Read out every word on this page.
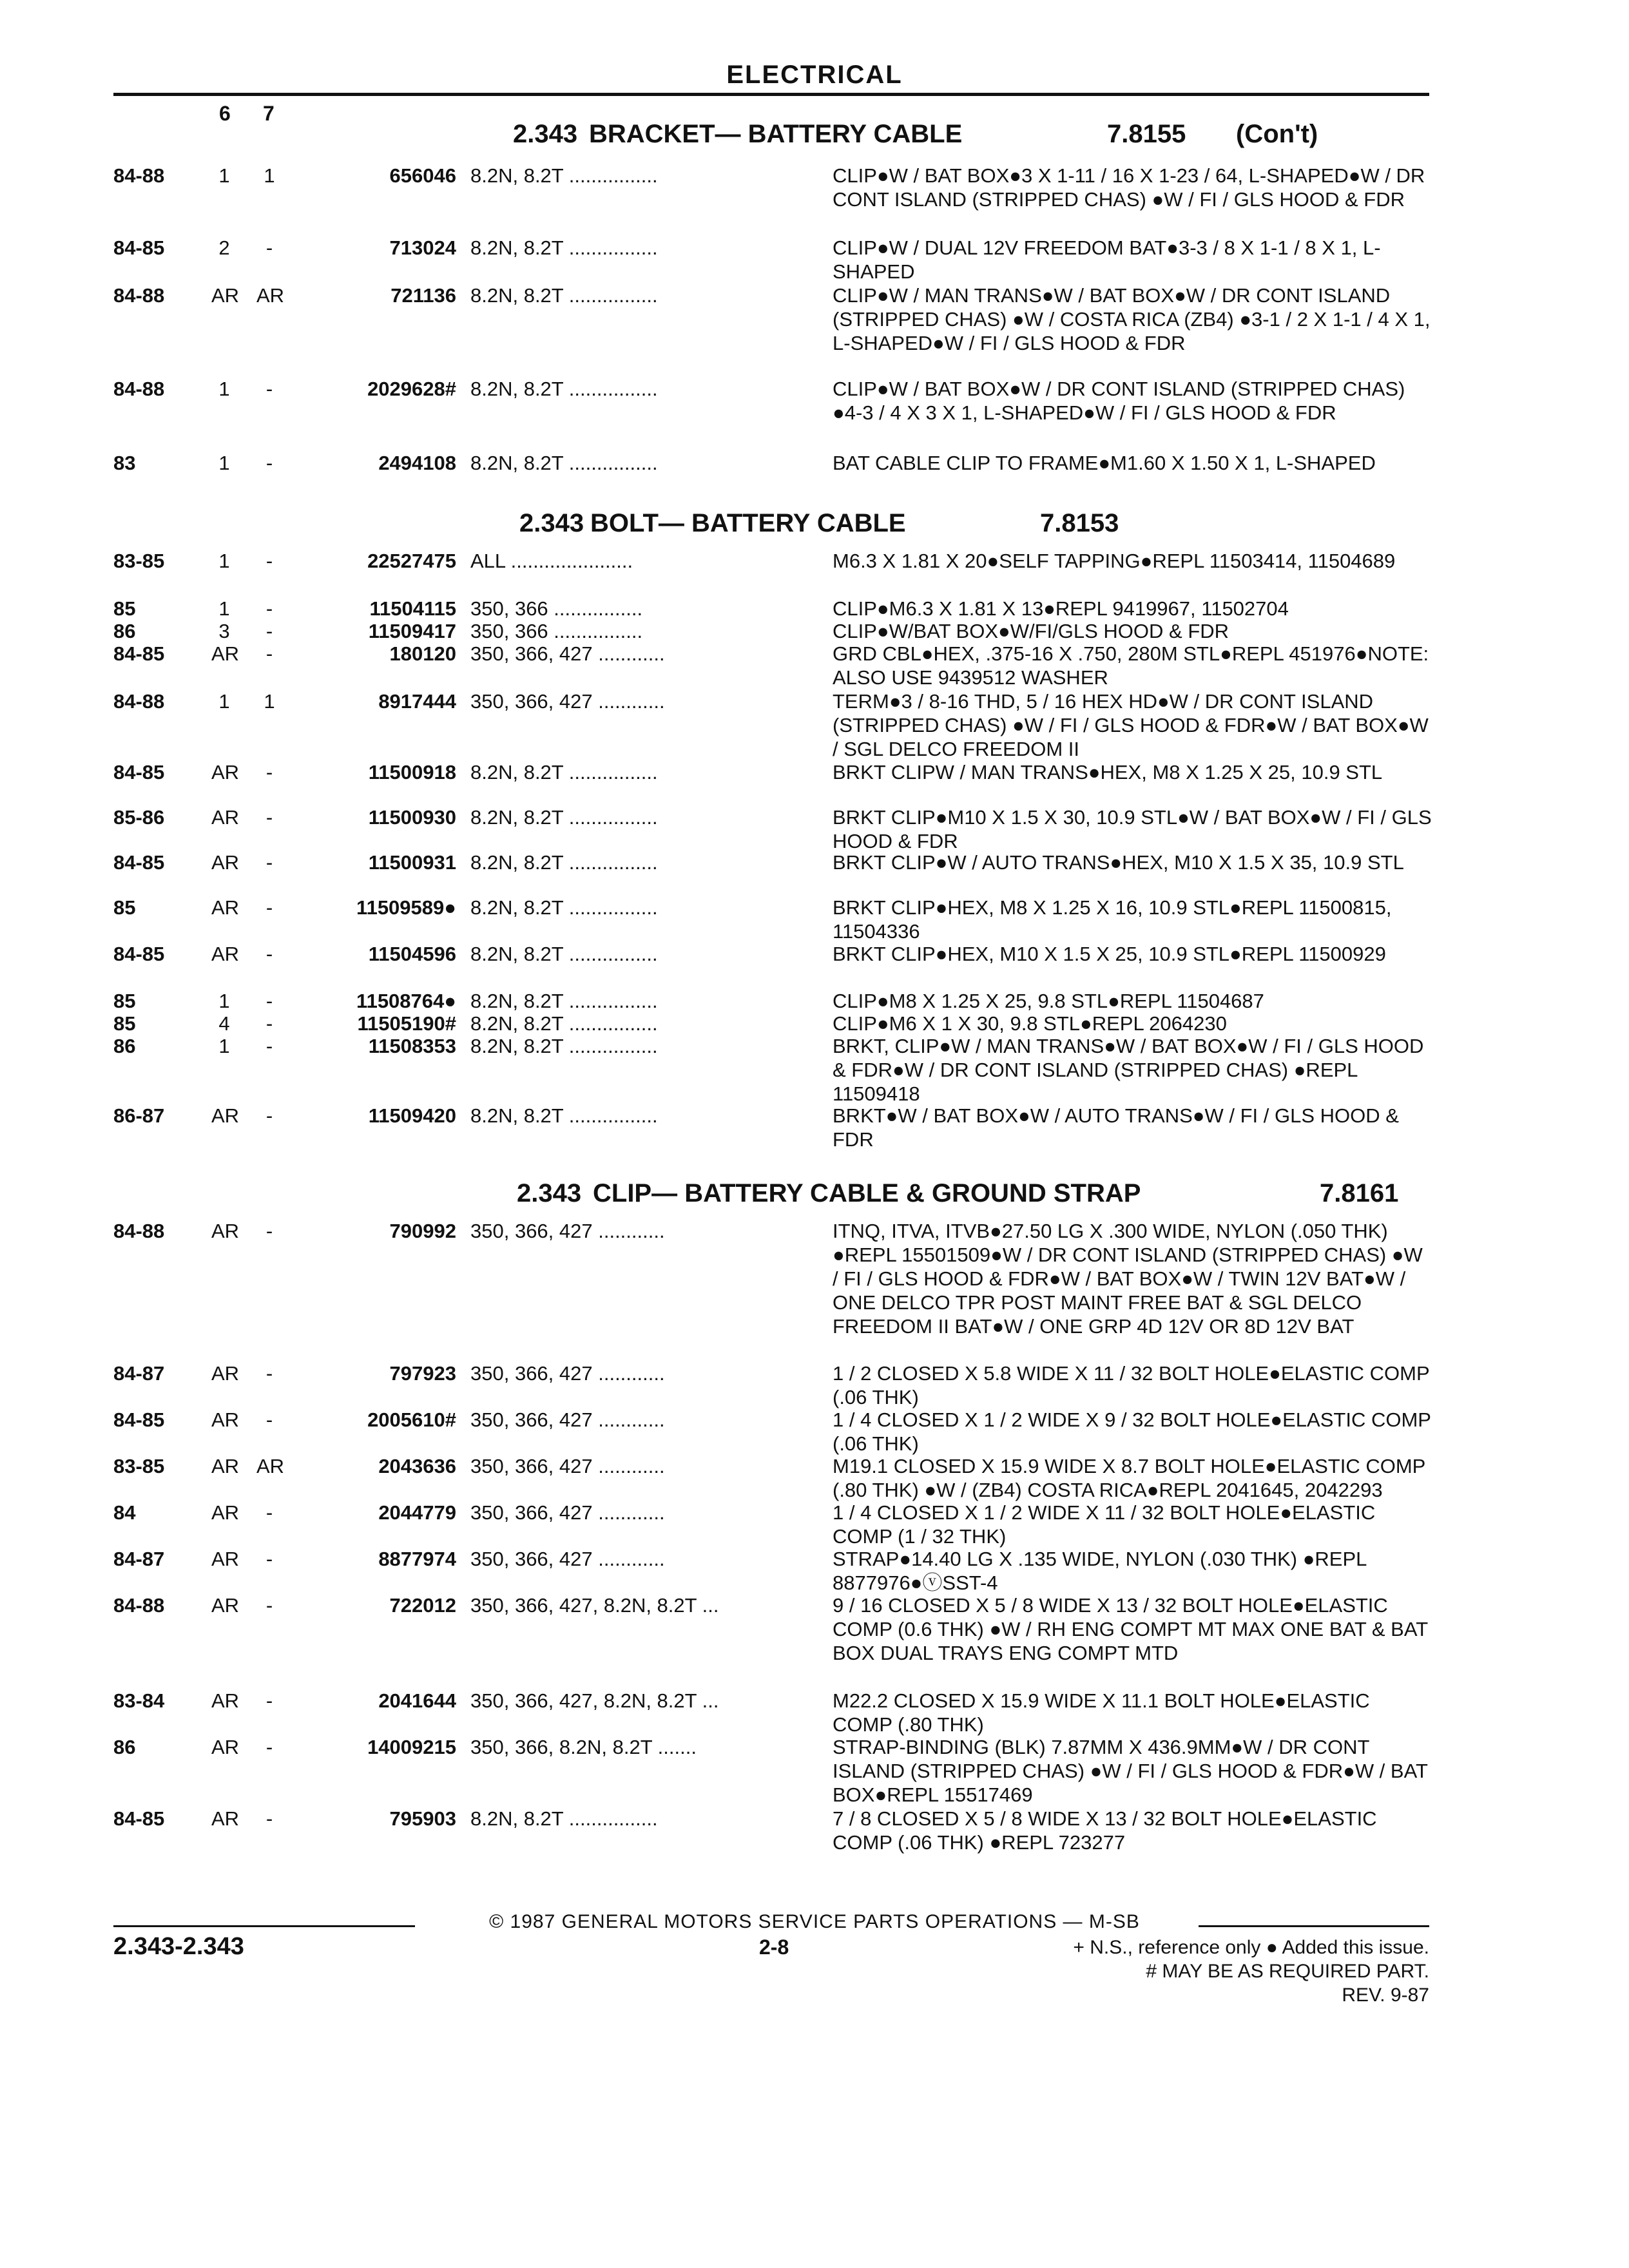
ELECTRICAL
6 7
2.343 BRACKET— BATTERY CABLE	7.8155 (Con't)
84-88	1	1	656046 8.2N, 8.2T ................	CLIP●W / BAT BOX●3 X 1-11 / 16 X 1-23 / 64, L-SHAPED●W / DR CONT ISLAND (STRIPPED CHAS) ●W / FI / GLS HOOD & FDR
84-85	2	-	713024 8.2N, 8.2T ................	CLIP●W / DUAL 12V FREEDOM BAT●3-3 / 8 X 1-1 / 8 X 1, L-SHAPED
84-88 AR AR	721136 8.2N, 8.2T ................	CLIP●W / MAN TRANS●W / BAT BOX●W / DR CONT ISLAND (STRIPPED CHAS) ●W / COSTA RICA (ZB4) ●3-1 / 2 X 1-1 / 4 X 1, L-SHAPED●W / FI / GLS HOOD & FDR
84-88	1	-	2029628# 8.2N, 8.2T ................	CLIP●W / BAT BOX●W / DR CONT ISLAND (STRIPPED CHAS) ●4-3 / 4 X 3 X 1, L-SHAPED●W / FI / GLS HOOD & FDR
83	1	-	2494108 8.2N, 8.2T ................	BAT CABLE CLIP TO FRAME●M1.60 X 1.50 X 1, L-SHAPED
2.343 BOLT— BATTERY CABLE	7.8153
83-85	1	-	22527475 ALL ......................	M6.3 X 1.81 X 20●SELF TAPPING●REPL 11503414, 11504689
85	1	-	11504115 350, 366 ................	CLIP●M6.3 X 1.81 X 13●REPL 9419967, 11502704
86	3	-	11509417 350, 366 ................	CLIP●W/BAT BOX●W/FI/GLS HOOD & FDR
84-85 AR	-	180120 350, 366, 427 ............	GRD CBL●HEX, .375-16 X .750, 280M STL●REPL 451976●NOTE: ALSO USE 9439512 WASHER
84-88	1	1	8917444 350, 366, 427 ............	TERM●3 / 8-16 THD, 5 / 16 HEX HD●W / DR CONT ISLAND (STRIPPED CHAS) ●W / FI / GLS HOOD & FDR●W / BAT BOX●W / SGL DELCO FREEDOM II
84-85 AR	-	11500918 8.2N, 8.2T ................	BRKT CLIPW / MAN TRANS●HEX, M8 X 1.25 X 25, 10.9 STL
85-86 AR	-	11500930 8.2N, 8.2T ................	BRKT CLIP●M10 X 1.5 X 30, 10.9 STL●W / BAT BOX●W / FI / GLS HOOD & FDR
84-85 AR	-	11500931 8.2N, 8.2T ................	BRKT CLIP●W / AUTO TRANS●HEX, M10 X 1.5 X 35, 10.9 STL
85	AR	-	11509589● 8.2N, 8.2T ................	BRKT CLIP●HEX, M8 X 1.25 X 16, 10.9 STL●REPL 11500815, 11504336
84-85 AR	-	11504596 8.2N, 8.2T ................	BRKT CLIP●HEX, M10 X 1.5 X 25, 10.9 STL●REPL 11500929
85	1	-	11508764● 8.2N, 8.2T ................	CLIP●M8 X 1.25 X 25, 9.8 STL●REPL 11504687
85	4	-	11505190# 8.2N, 8.2T ................	CLIP●M6 X 1 X 30, 9.8 STL●REPL 2064230
86	1	-	11508353 8.2N, 8.2T ................	BRKT, CLIP●W / MAN TRANS●W / BAT BOX●W / FI / GLS HOOD & FDR●W / DR CONT ISLAND (STRIPPED CHAS) ●REPL 11509418
86-87 AR	-	11509420 8.2N, 8.2T ................	BRKT●W / BAT BOX●W / AUTO TRANS●W / FI / GLS HOOD & FDR
2.343 CLIP— BATTERY CABLE & GROUND STRAP	7.8161
84-88 AR	-	790992 350, 366, 427 ............	ITNQ, ITVA, ITVB●27.50 LG X .300 WIDE, NYLON (.050 THK) ●REPL 15501509●W / DR CONT ISLAND (STRIPPED CHAS) ●W / FI / GLS HOOD & FDR●W / BAT BOX●W / TWIN 12V BAT●W / ONE DELCO TPR POST MAINT FREE BAT & SGL DELCO FREEDOM II BAT●W / ONE GRP 4D 12V OR 8D 12V BAT
84-87 AR	-	797923 350, 366, 427 ............	1 / 2 CLOSED X 5.8 WIDE X 11 / 32 BOLT HOLE●ELASTIC COMP (.06 THK)
84-85 AR	-	2005610# 350, 366, 427 ............	1 / 4 CLOSED X 1 / 2 WIDE X 9 / 32 BOLT HOLE●ELASTIC COMP (.06 THK)
83-85 AR AR	2043636 350, 366, 427 ............	M19.1 CLOSED X 15.9 WIDE X 8.7 BOLT HOLE●ELASTIC COMP (.80 THK) ●W / (ZB4) COSTA RICA●REPL 2041645, 2042293
84	AR	-	2044779 350, 366, 427 ............	1 / 4 CLOSED X 1 / 2 WIDE X 11 / 32 BOLT HOLE●ELASTIC COMP (1 / 32 THK)
84-87 AR	-	8877974 350, 366, 427 ............	STRAP●14.40 LG X .135 WIDE, NYLON (.030 THK) ●REPL 8877976●ⓥSST-4
84-88 AR	-	722012 350, 366, 427, 8.2N, 8.2T ...	9 / 16 CLOSED X 5 / 8 WIDE X 13 / 32 BOLT HOLE●ELASTIC COMP (0.6 THK) ●W / RH ENG COMPT MT MAX ONE BAT & BAT BOX DUAL TRAYS ENG COMPT MTD
83-84 AR	-	2041644 350, 366, 427, 8.2N, 8.2T ...	M22.2 CLOSED X 15.9 WIDE X 11.1 BOLT HOLE●ELASTIC COMP (.80 THK)
86	AR	-	14009215 350, 366, 8.2N, 8.2T .......	STRAP-BINDING (BLK) 7.87MM X 436.9MM●W / DR CONT ISLAND (STRIPPED CHAS) ●W / FI / GLS HOOD & FDR●W / BAT BOX●REPL 15517469
84-85 AR	-	795903 8.2N, 8.2T ................	7 / 8 CLOSED X 5 / 8 WIDE X 13 / 32 BOLT HOLE●ELASTIC COMP (.06 THK) ●REPL 723277
© 1987 GENERAL MOTORS SERVICE PARTS OPERATIONS — M-SB
2.343-2.343	2-8	+ N.S., reference only ● Added this issue.
# MAY BE AS REQUIRED PART.
REV. 9-87
